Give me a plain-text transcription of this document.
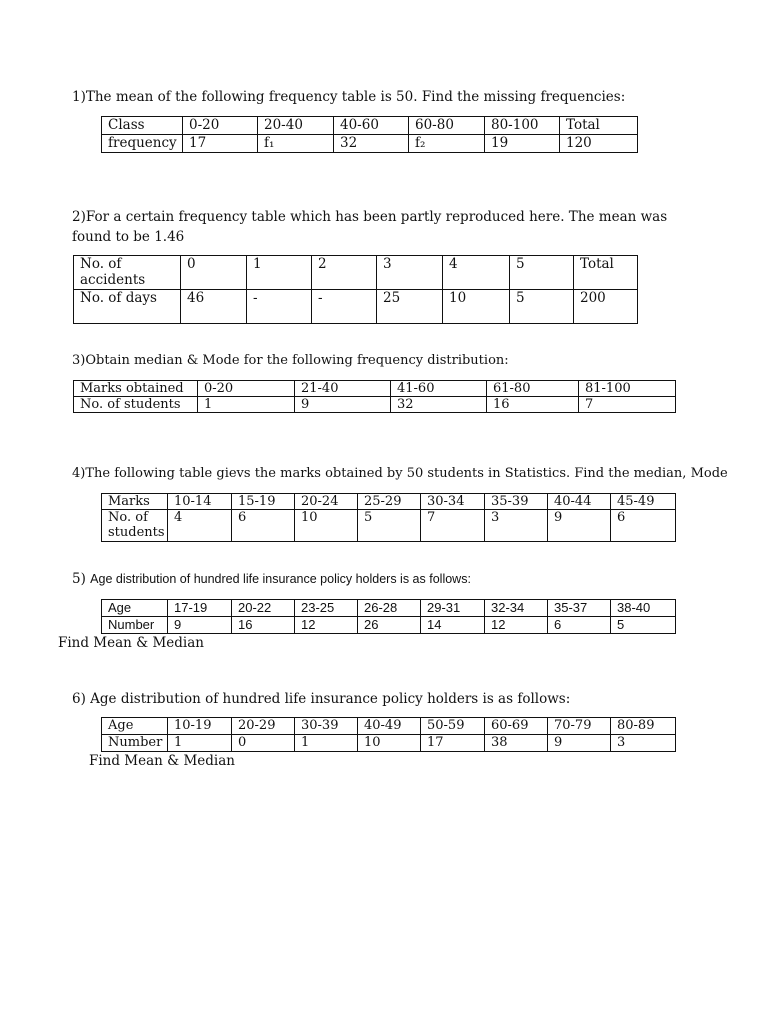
1)The mean of the following frequency table is 50. Find the missing frequencies:
Class	0-20	20-40	40-60	60-80	80-100	Total
frequency	17	f₁	32	f₂	19	120
2)For a certain frequency table which has been partly reproduced here. The mean was found to be 1.46
No. of accidents	0	1	2	3	4	5	Total
No. of days	46	-	-	25	10	5	200
3)Obtain median & Mode for the following frequency distribution:
Marks obtained	0-20	21-40	41-60	61-80	81-100
No. of students	1	9	32	16	7
4)The following table gievs the marks obtained by 50 students in Statistics. Find the median, Mode
Marks	10-14	15-19	20-24	25-29	30-34	35-39	40-44	45-49
No. of students	4	6	10	5	7	3	9	6
5) Age distribution of hundred life insurance policy holders is as follows:
Age	17-19	20-22	23-25	26-28	29-31	32-34	35-37	38-40
Number	9	16	12	26	14	12	6	5
Find Mean & Median
6) Age distribution of hundred life insurance policy holders is as follows:
Age	10-19	20-29	30-39	40-49	50-59	60-69	70-79	80-89
Number	1	0	1	10	17	38	9	3
Find Mean & Median
